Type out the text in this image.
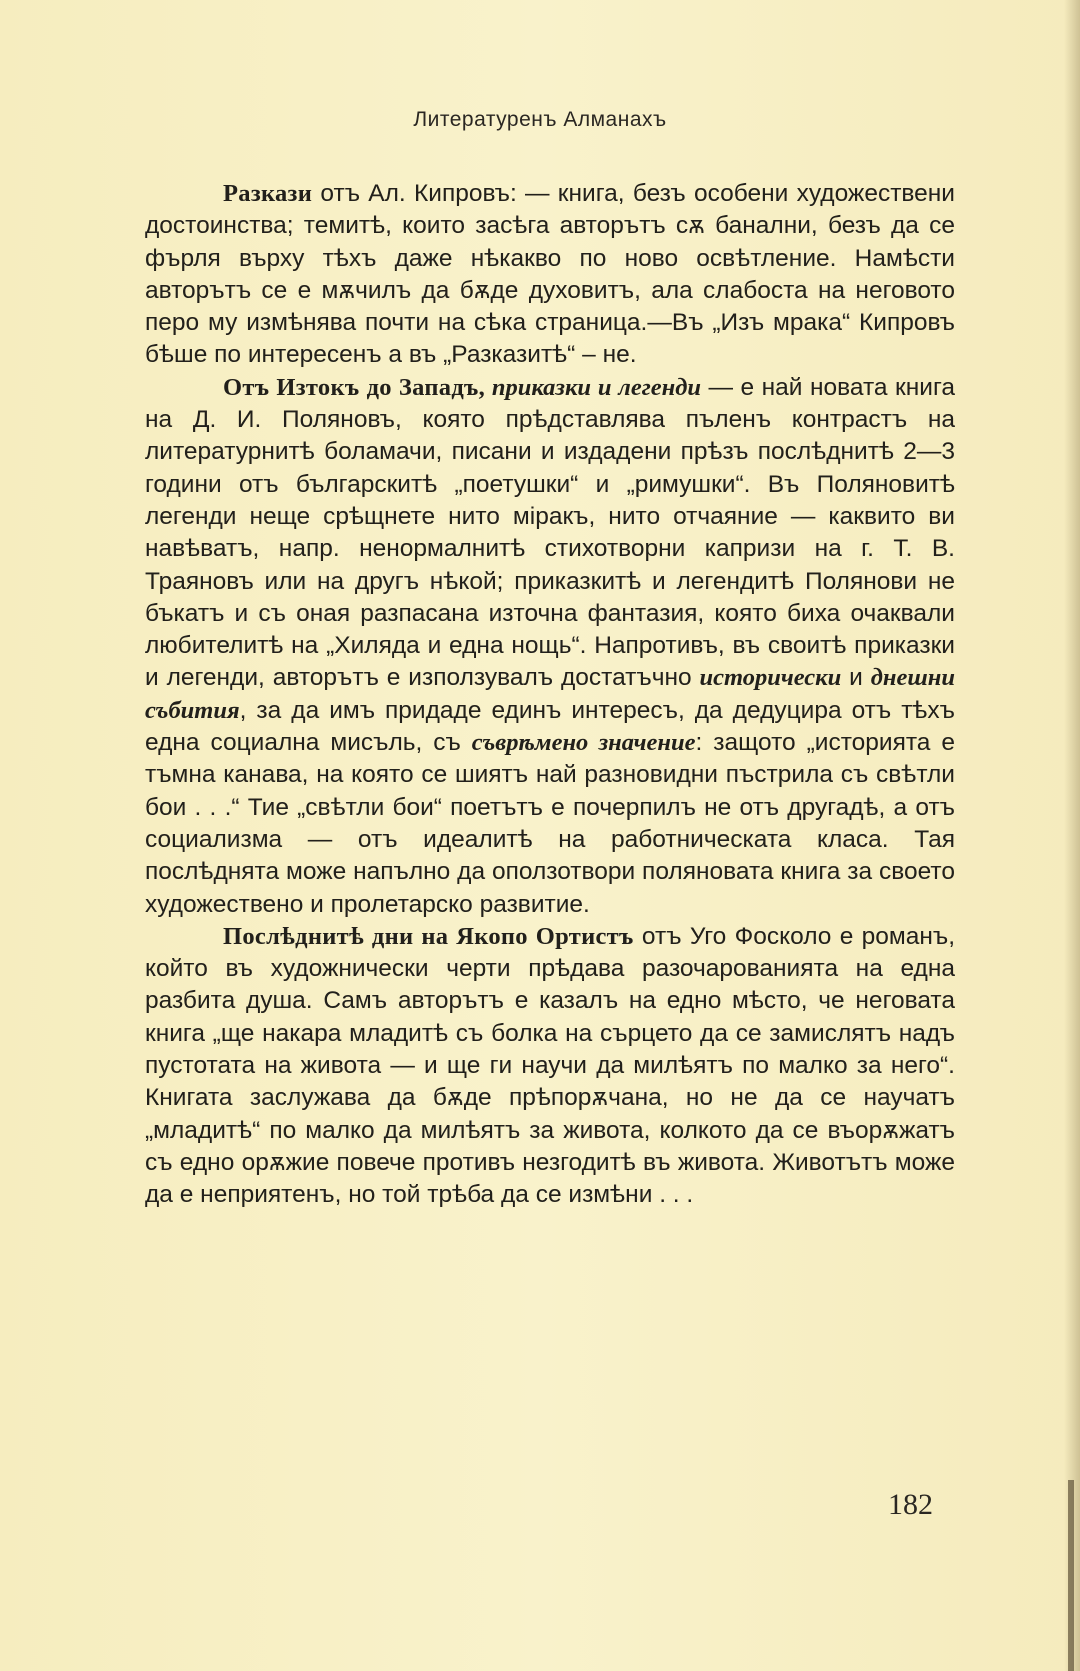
Литературенъ Алманахъ

Разкази отъ Ал. Кипровъ: — книга, безъ особени художествени достоинства; темитѣ, които засѣга авторътъ сѫ банални, безъ да се фърля върху тѣхъ даже нѣкакво по ново освѣтление. Намѣсти авторътъ се е мѫчилъ да бѫде духовитъ, ала слабоста на неговото перо му измѣнява почти на сѣка страница.—Въ „Изъ мрака“ Кипровъ бѣше по интересенъ а въ „Разказитѣ“ – не.

Отъ Изтокъ до Западъ, приказки и легенди — е най новата книга на Д. И. Поляновъ, която прѣдставлява пъленъ контрастъ на литературнитѣ боламачи, писани и издадени прѣзъ послѣднитѣ 2—3 години отъ българскитѣ „поетушки“ и „римушки“. Въ Поляновитѣ легенди неще срѣщнете нито міракъ, нито отчаяние — каквито ви навѣватъ, напр. ненормалнитѣ стихотворни капризи на г. Т. В. Траяновъ или на другъ нѣкой; приказкитѣ и легендитѣ Полянови не бъкатъ и съ оная разпасана източна фантазия, която биха очаквали любителитѣ на „Хиляда и една нощь“. Напротивъ, въ своитѣ приказки и легенди, авторътъ е използувалъ достатъчно исторически и днешни събития, за да имъ придаде единъ интересъ, да дедуцира отъ тѣхъ една социална мисъль, съ съврѣмено значение: защото „историята е тъмна канава, на която се шиятъ най разновидни пъстрила съ свѣтли бои . . .“ Тие „свѣтли бои“ поетътъ е почерпилъ не отъ другадѣ, а отъ социализма — отъ идеалитѣ на работническата класа. Тая послѣднята може напълно да оползотвори поляновата книга за своето художествено и пролетарско развитие.

Послѣднитѣ дни на Якопо Ортистъ отъ Уго Фосколо е романъ, който въ художнически черти прѣдава разочарованията на една разбита душа. Самъ авторътъ е казалъ на едно мѣсто, че неговата книга „ще накара младитѣ съ болка на сърцето да се замислятъ надъ пустотата на живота — и ще ги научи да милѣятъ по малко за него“. Книгата заслужава да бѫде прѣпорѫчана, но не да се научатъ „младитѣ“ по малко да милѣятъ за живота, колкото да се въорѫжатъ съ едно орѫжие повече противъ незгодитѣ въ живота. Животътъ може да е неприятенъ, но той трѣба да се измѣни . . .

182
